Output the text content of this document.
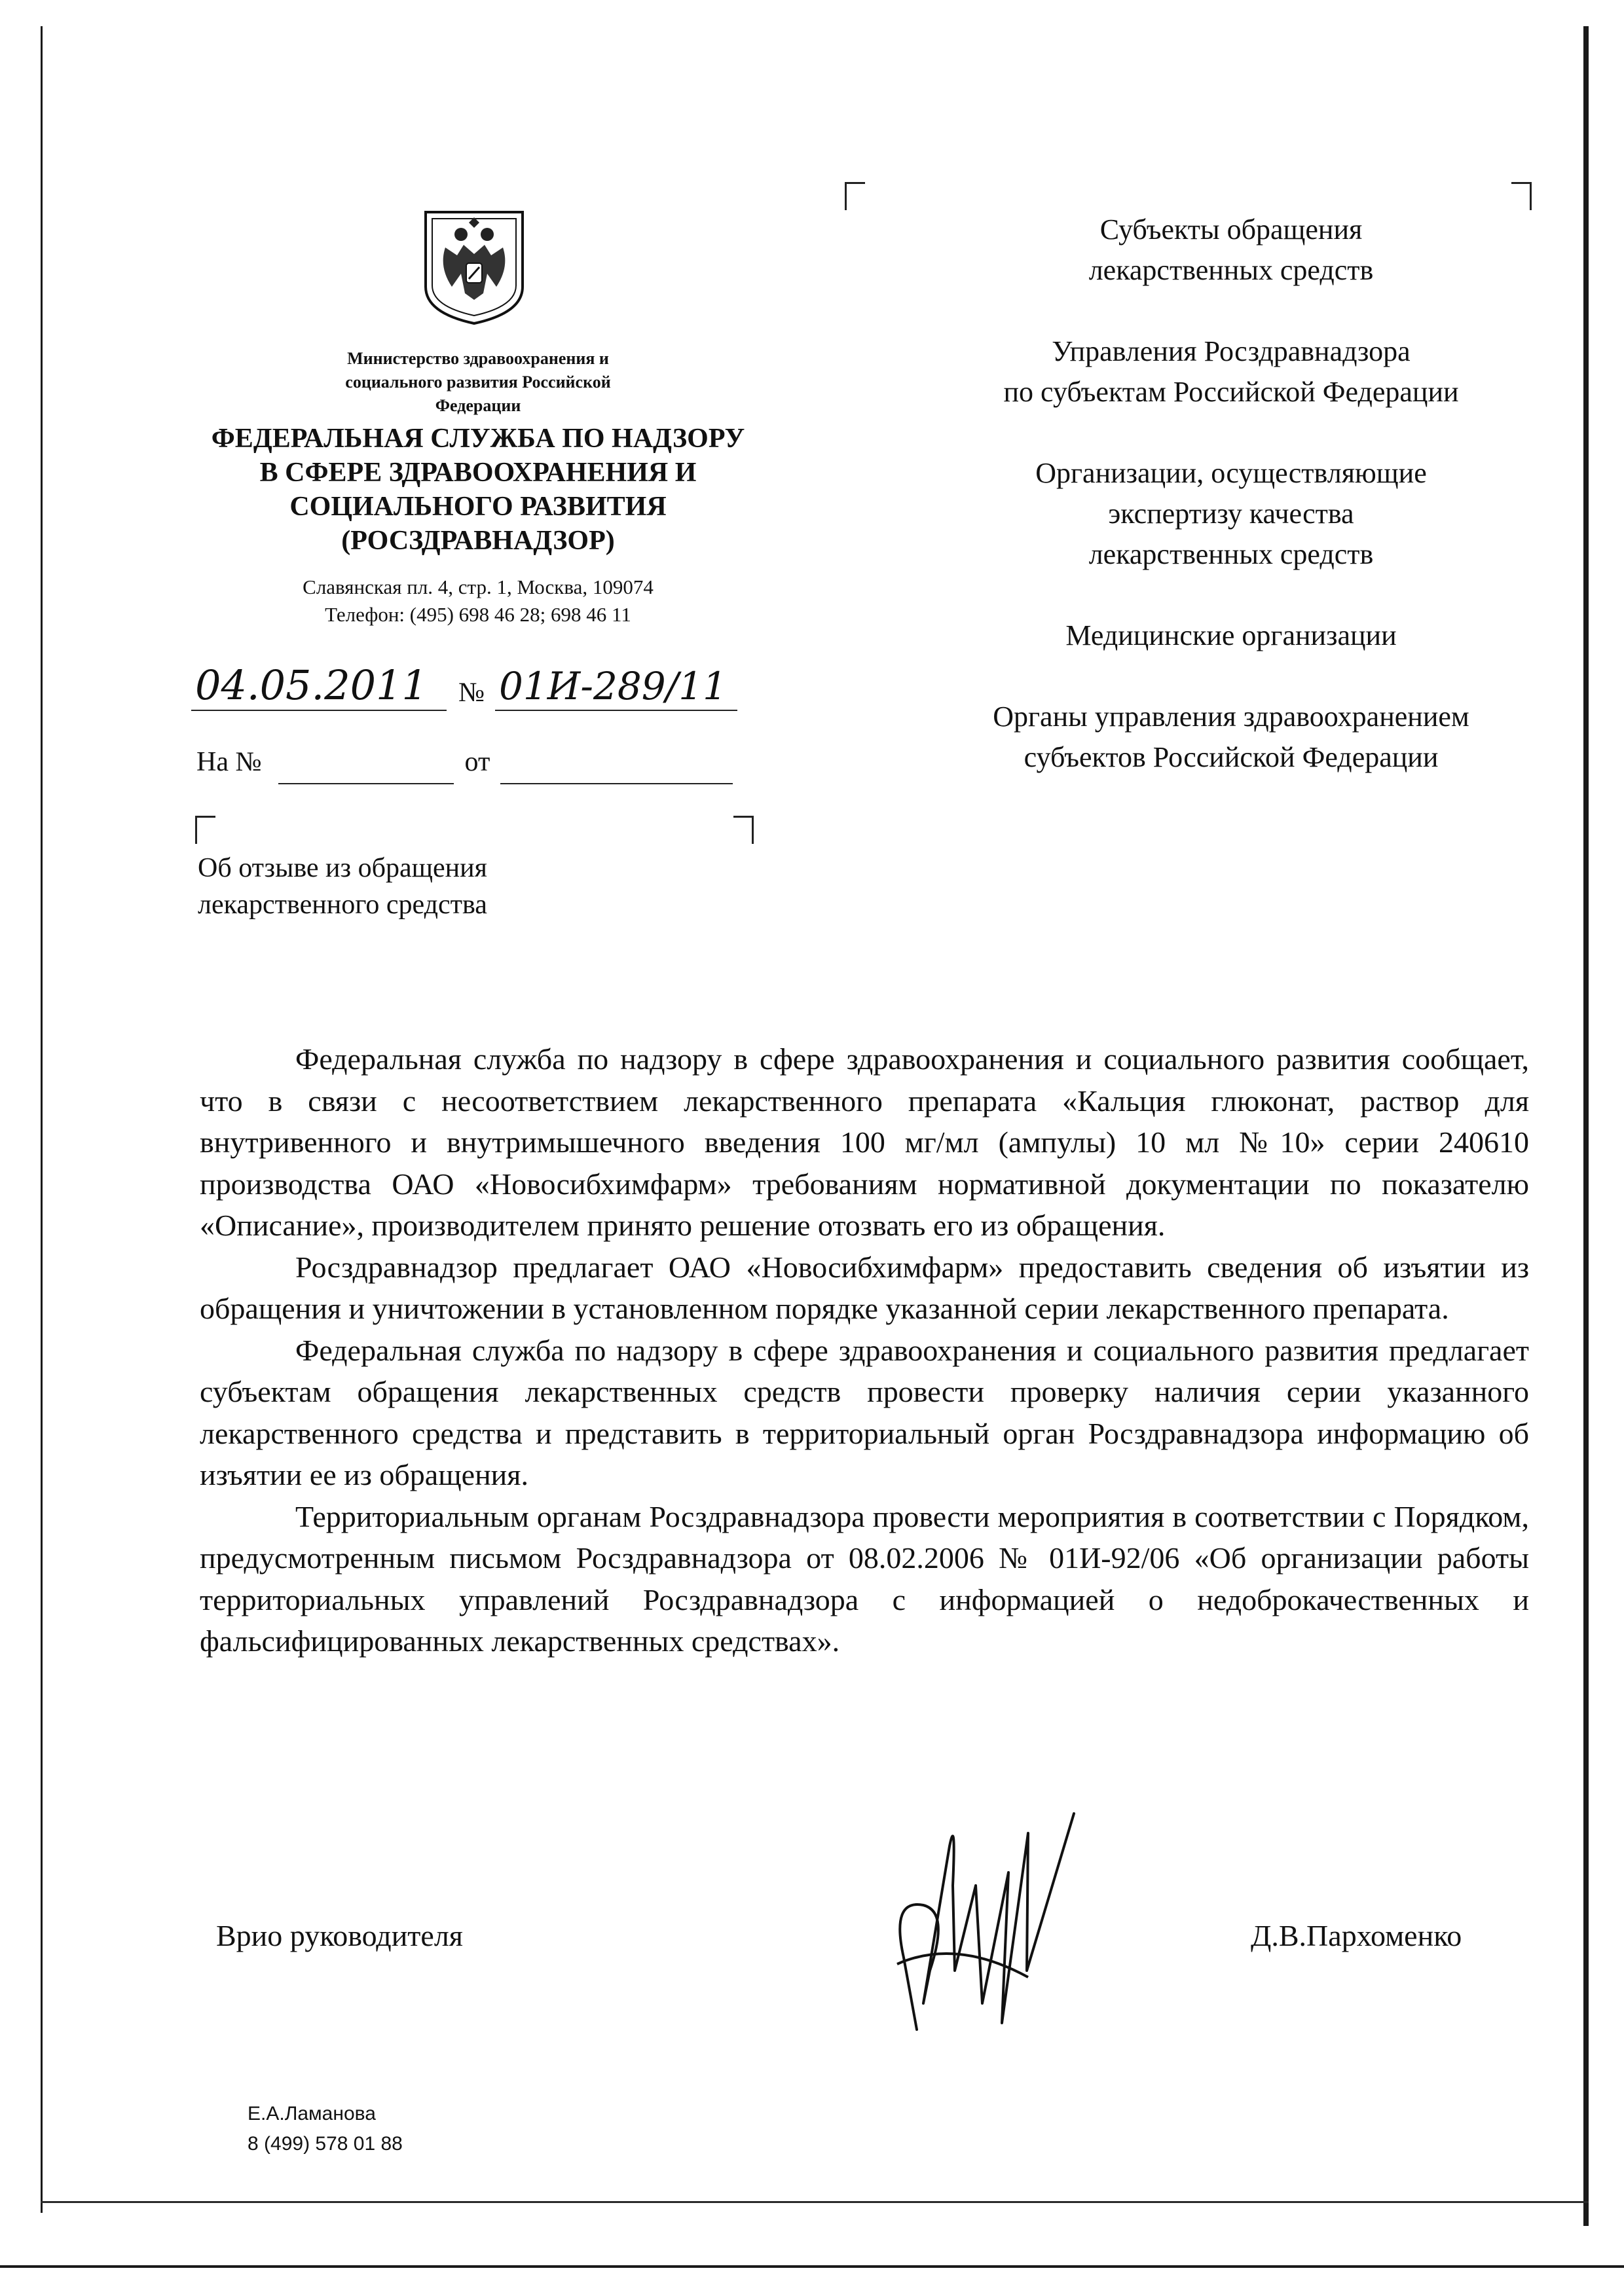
Министерство здравоохранения и социального развития Российской Федерации
ФЕДЕРАЛЬНАЯ СЛУЖБА ПО НАДЗОРУ
В СФЕРЕ ЗДРАВООХРАНЕНИЯ И
СОЦИАЛЬНОГО РАЗВИТИЯ
(РОСЗДРАВНАДЗОР)
Славянская пл. 4, стр. 1, Москва, 109074
Телефон: (495) 698 46 28; 698 46 11
04.05.2011 № 01И-289/11
На №	от
Об отзыве из обращения
лекарственного средства
Субъекты обращения
лекарственных средств
Управления Росздравнадзора
по субъектам Российской Федерации
Организации, осуществляющие
экспертизу качества
лекарственных средств
Медицинские организации
Органы управления здравоохранением
субъектов Российской Федерации

Федеральная служба по надзору в сфере здравоохранения и социального развития сообщает, что в связи с несоответствием лекарственного препарата «Кальция глюконат, раствор для внутривенного и внутримышечного введения 100 мг/мл (ампулы) 10 мл №10» серии 240610 производства ОАО «Новосибхимфарм» требованиям нормативной документации по показателю «Описание», производителем принято решение отозвать его из обращения.

Росздравнадзор предлагает ОАО «Новосибхимфарм» предоставить сведения об изъятии из обращения и уничтожении в установленном порядке указанной серии лекарственного препарата.

Федеральная служба по надзору в сфере здравоохранения и социального развития предлагает субъектам обращения лекарственных средств провести проверку наличия серии указанного лекарственного средства и представить в территориальный орган Росздравнадзора информацию об изъятии ее из обращения.

Территориальным органам Росздравнадзора провести мероприятия в соответствии с Порядком, предусмотренным письмом Росздравнадзора от 08.02.2006 № 01И-92/06 «Об организации работы территориальных управлений Росздравнадзора с информацией о недоброкачественных и фальсифицированных лекарственных средствах».

Врио руководителя	Д.В.Пархоменко
Е.А.Ламанова
8 (499) 578 01 88
